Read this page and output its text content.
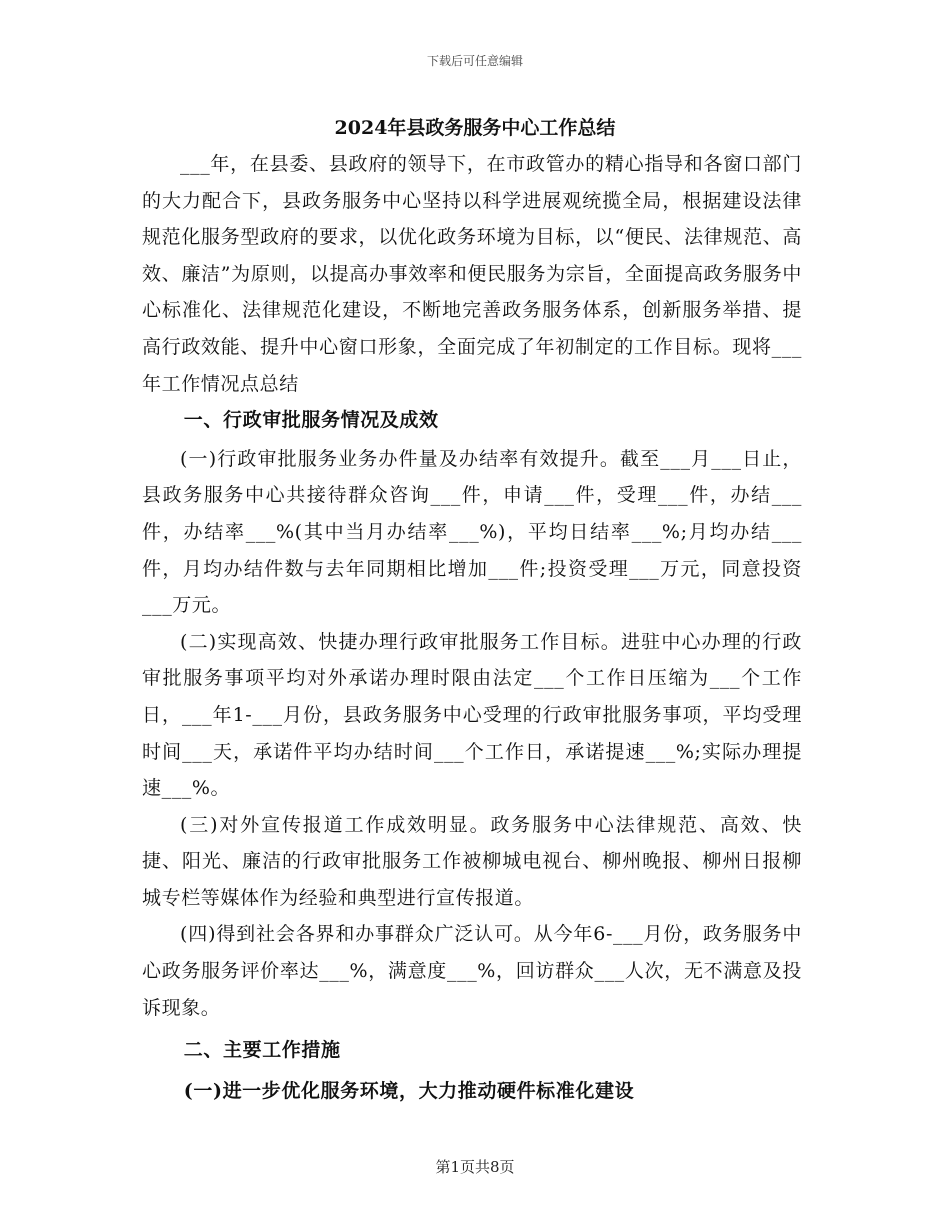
下载后可任意编辑
2024年县政务服务中心工作总结

___年，在县委、县政府的领导下，在市政管办的精心指导和各窗口部门的大力配合下，县政务服务中心坚持以科学进展观统揽全局，根据建设法律规范化服务型政府的要求，以优化政务环境为目标，以“便民、法律规范、高效、廉洁”为原则，以提高办事效率和便民服务为宗旨，全面提高政务服务中心标准化、法律规范化建设，不断地完善政务服务体系，创新服务举措、提高行政效能、提升中心窗口形象，全面完成了年初制定的工作目标。现将___年工作情况点总结

一、行政审批服务情况及成效

(一)行政审批服务业务办件量及办结率有效提升。截至___月___日止，县政务服务中心共接待群众咨询___件，申请___件，受理___件，办结___件，办结率___%(其中当月办结率___%)，平均日结率___%;月均办结___件，月均办结件数与去年同期相比增加___件;投资受理___万元，同意投资___万元。

(二)实现高效、快捷办理行政审批服务工作目标。进驻中心办理的行政审批服务事项平均对外承诺办理时限由法定___个工作日压缩为___个工作日，___年1-___月份，县政务服务中心受理的行政审批服务事项，平均受理时间___天，承诺件平均办结时间___个工作日，承诺提速___%;实际办理提速___%。

(三)对外宣传报道工作成效明显。政务服务中心法律规范、高效、快捷、阳光、廉洁的行政审批服务工作被柳城电视台、柳州晚报、柳州日报柳城专栏等媒体作为经验和典型进行宣传报道。

(四)得到社会各界和办事群众广泛认可。从今年6-___月份，政务服务中心政务服务评价率达___%，满意度___%，回访群众___人次，无不满意及投诉现象。

二、主要工作措施

(一)进一步优化服务环境，大力推动硬件标准化建设

第1页共8页
